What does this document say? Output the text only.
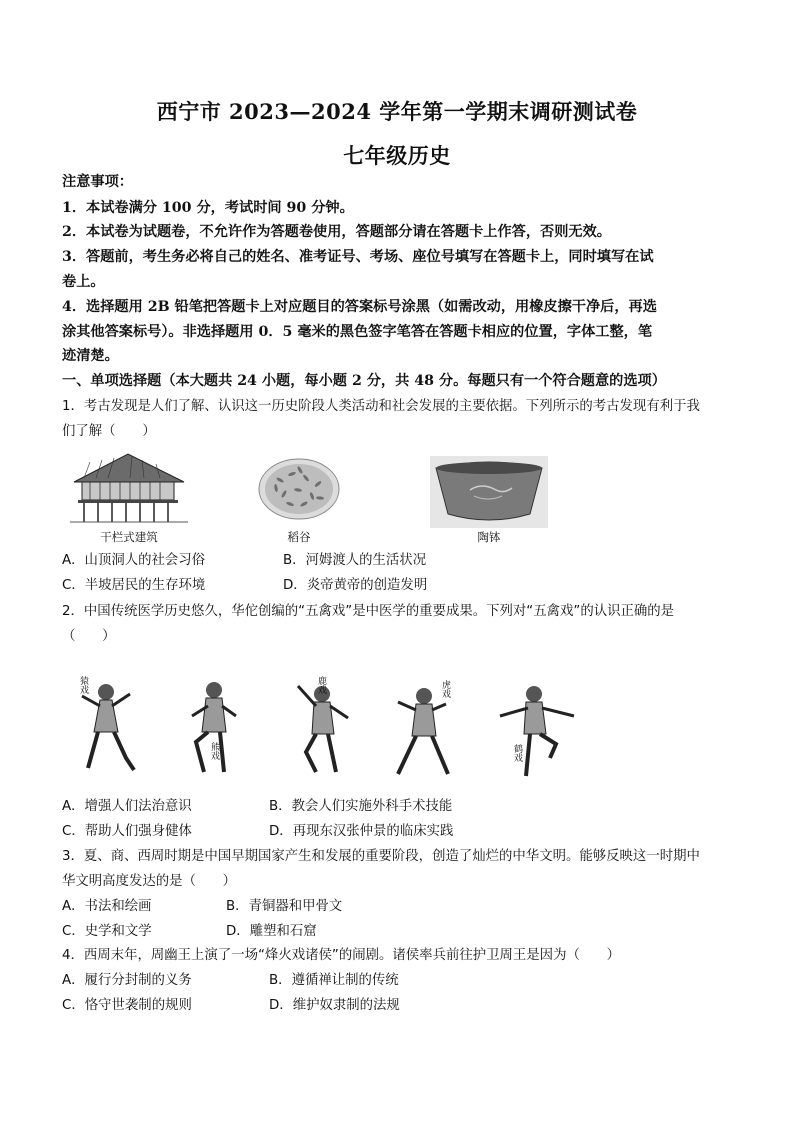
西宁市 2023—2024 学年第一学期末调研测试卷
七年级历史
注意事项：
1．本试卷满分 100 分，考试时间 90 分钟。
2．本试卷为试题卷，不允许作为答题卷使用，答题部分请在答题卡上作答，否则无效。
3．答题前，考生务必将自己的姓名、准考证号、考场、座位号填写在答题卡上，同时填写在试
卷上。
4．选择题用 2B 铅笔把答题卡上对应题目的答案标号涂黑（如需改动，用橡皮擦干净后，再选
涂其他答案标号）。非选择题用 0．5 毫米的黑色签字笔答在答题卡相应的位置，字体工整，笔
迹清楚。
一、单项选择题（本大题共 24 小题，每小题 2 分，共 48 分。每题只有一个符合题意的选项）
1．考古发现是人们了解、认识这一历史阶段人类活动和社会发展的主要依据。下列所示的考古发现有利于我
们了解（　　）
干栏式建筑	稻谷	陶钵
A．山顶洞人的社会习俗	B．河姆渡人的生活状况
C．半坡居民的生存环境	D．炎帝黄帝的创造发明
2．中国传统医学历史悠久，华佗创编的“五禽戏”是中医学的重要成果。下列对“五禽戏”的认识正确的是
（　　）
猿戏
熊戏
鹿戏	虎戏
鹤戏
A．增强人们法治意识	B．教会人们实施外科手术技能
C．帮助人们强身健体	D．再现东汉张仲景的临床实践
3．夏、商、西周时期是中国早期国家产生和发展的重要阶段，创造了灿烂的中华文明。能够反映这一时期中
华文明高度发达的是（　　）
A．书法和绘画	B．青铜器和甲骨文
C．史学和文学	D．雕塑和石窟
4．西周末年，周幽王上演了一场“烽火戏诸侯”的闹剧。诸侯率兵前往护卫周王是因为（　　）
A．履行分封制的义务	B．遵循禅让制的传统
C．恪守世袭制的规则	D．维护奴隶制的法规
